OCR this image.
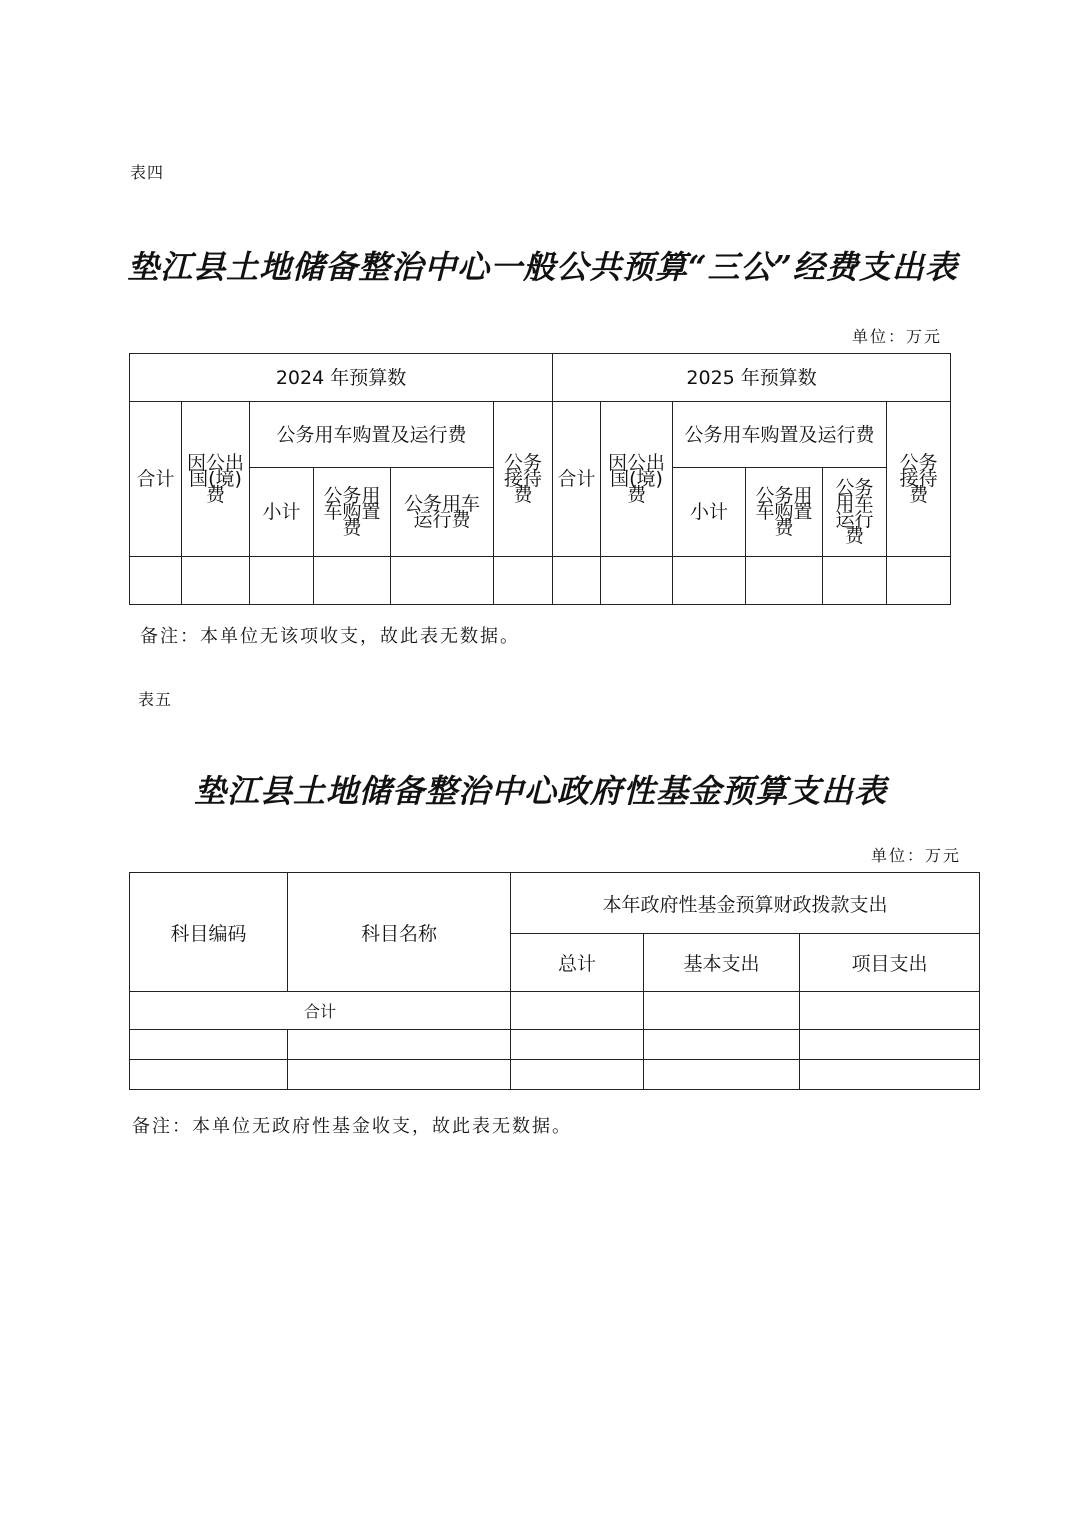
表四
垫江县土地储备整治中心一般公共预算“三公”经费支出表
单位：万元
2024 年预算数						2025 年预算数					
合计	因公出国(境)费	公务用车购置及运行费			公务接待费	合计	因公出国(境)费	公务用车购置及运行费			公务接待费
		小计	公务用车购置费	公务用车运行费				小计	公务用车购置费	公务用车运行费	

备注：本单位无该项收支，故此表无数据。
表五
垫江县土地储备整治中心政府性基金预算支出表
单位：万元
科目编码	科目名称	本年政府性基金预算财政拨款支出		
		总计	基本支出	项目支出
合计				

备注：本单位无政府性基金收支，故此表无数据。
